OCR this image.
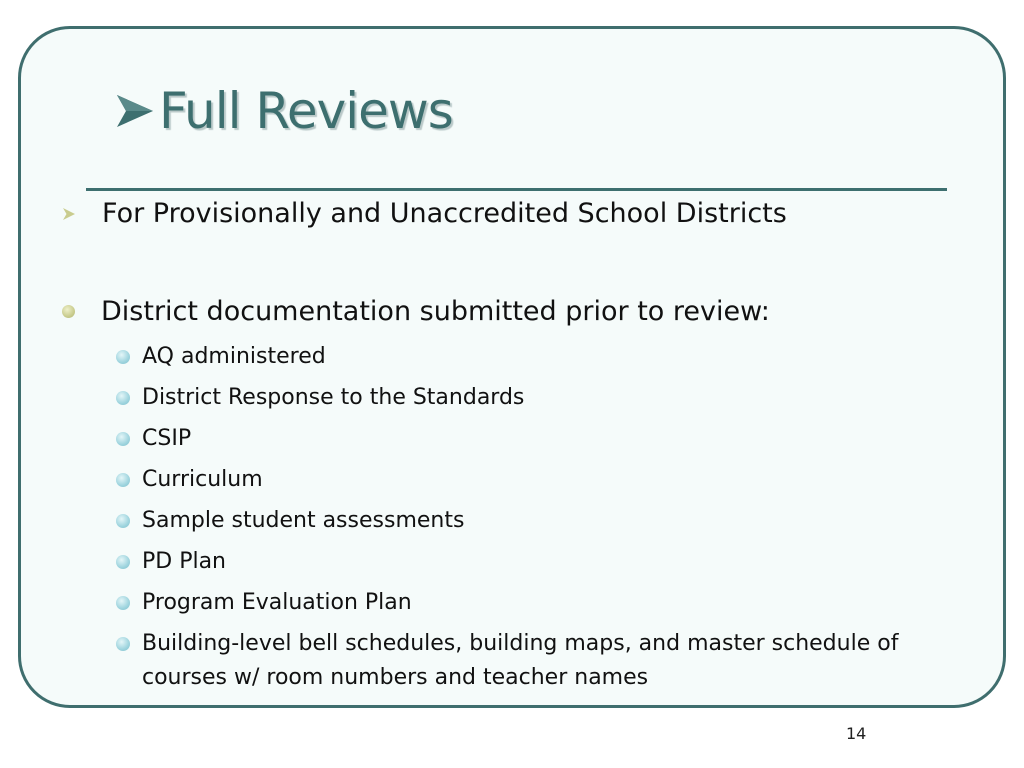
Full Reviews
For Provisionally and Unaccredited School Districts
District documentation submitted prior to review:
AQ administered
District Response to the Standards
CSIP
Curriculum
Sample student assessments
PD Plan
Program Evaluation Plan
Building-level bell schedules, building maps, and master schedule of courses w/ room numbers and teacher names
14
